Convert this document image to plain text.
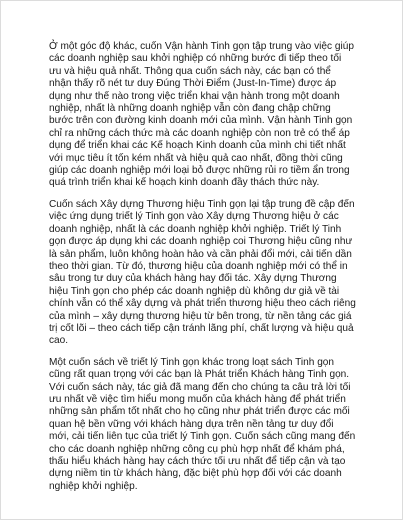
Ở một góc độ khác, cuốn Vận hành Tinh gọn tập trung vào việc giúp các doanh nghiệp sau khởi nghiệp có những bước đi tiếp theo tối ưu và hiệu quả nhất. Thông qua cuốn sách này, các bạn có thể nhận thấy rõ nét tư duy Đúng Thời Điểm (Just-In-Time) được áp dụng như thế nào trong việc triển khai vận hành trong một doanh nghiệp, nhất là những doanh nghiệp vẫn còn đang chập chững bước trên con đường kinh doanh mới của mình. Vận hành Tinh gọn chỉ ra những cách thức mà các doanh nghiệp còn non trẻ có thể áp dụng để triển khai các Kế hoạch Kinh doanh của mình chi tiết nhất với mục tiêu ít tốn kém nhất và hiệu quả cao nhất, đồng thời cũng giúp các doanh nghiệp mới loại bỏ được những rủi ro tiềm ẩn trong quá trình triển khai kế hoạch kinh doanh đầy thách thức này.

Cuốn sách Xây dựng Thương hiệu Tinh gọn lại tập trung đề cập đến việc ứng dụng triết lý Tinh gọn vào Xây dựng Thương hiệu ở các doanh nghiệp, nhất là các doanh nghiệp khởi nghiệp. Triết lý Tinh gọn được áp dụng khi các doanh nghiệp coi Thương hiệu cũng như là sản phẩm, luôn không hoàn hảo và cần phải đổi mới, cải tiến dần theo thời gian. Từ đó, thương hiệu của doanh nghiệp mới có thể in sâu trong tư duy của khách hàng hay đối tác. Xây dựng Thương hiệu Tinh gọn cho phép các doanh nghiệp dù không dư giả về tài chính vẫn có thể xây dựng và phát triển thương hiệu theo cách riêng của mình – xây dựng thương hiệu từ bên trong, từ nền tảng các giá trị cốt lõi – theo cách tiếp cận tránh lãng phí, chất lượng và hiệu quả cao.

Một cuốn sách về triết lý Tinh gọn khác trong loạt sách Tinh gọn cũng rất quan trọng với các bạn là Phát triển Khách hàng Tinh gọn. Với cuốn sách này, tác giả đã mang đến cho chúng ta câu trả lời tối ưu nhất về việc tìm hiểu mong muốn của khách hàng để phát triển những sản phẩm tốt nhất cho họ cũng như phát triển được các mối quan hệ bền vững với khách hàng dựa trên nền tảng tư duy đổi mới, cải tiến liên tục của triết lý Tinh gọn. Cuốn sách cũng mang đến cho các doanh nghiệp những công cụ phù hợp nhất để khám phá, thấu hiểu khách hàng hay cách thức tối ưu nhất để tiếp cận và tạo dựng niềm tin từ khách hàng, đặc biệt phù hợp đối với các doanh nghiệp khởi nghiệp.
